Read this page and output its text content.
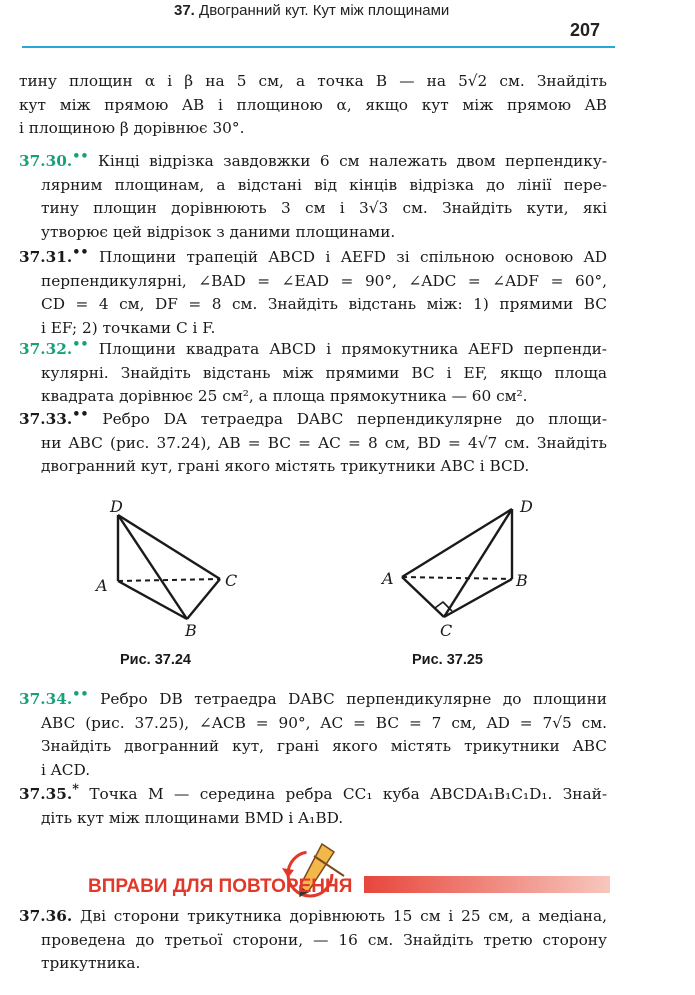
37. Двогранний кут. Кут між площинами
207
тину площин α і β на 5 см, а точка B — на 5√2 см. Знайдіть
кут між прямою AB і площиною α, якщо кут між прямою AB
і площиною β дорівнює 30°.
37.30.•• Кінці відрізка завдовжки 6 см належать двом перпендику-
лярним площинам, а відстані від кінців відрізка до лінії пере-
тину площин дорівнюють 3 см і 3√3 см. Знайдіть кути, які
утворює цей відрізок з даними площинами.
37.31.•• Площини трапецій ABCD і AEFD зі спільною основою AD
перпендикулярні, ∠BAD = ∠EAD = 90°, ∠ADC = ∠ADF = 60°,
CD = 4 см, DF = 8 см. Знайдіть відстань між: 1) прямими BC
і EF; 2) точками C і F.
37.32.•• Площини квадрата ABCD і прямокутника AEFD перпенди-
кулярні. Знайдіть відстань між прямими BC і EF, якщо площа
квадрата дорівнює 25 см², а площа прямокутника — 60 см².
37.33.•• Ребро DA тетраедра DABC перпендикулярне до площи-
ни ABC (рис. 37.24), AB = BC = AC = 8 см, BD = 4√7 см. Знайдіть
двогранний кут, грані якого містять трикутники ABC і BCD.
D
A	C
B
Рис. 37.24
D
A	B
C
Рис. 37.25
37.34.•• Ребро DB тетраедра DABC перпендикулярне до площини
ABC (рис. 37.25), ∠ACB = 90°, AC = BC = 7 см, AD = 7√5 см.
Знайдіть двогранний кут, грані якого містять трикутники ABC
і ACD.
37.35.* Точка M — середина ребра CC₁ куба ABCDA₁B₁C₁D₁. Знай-
діть кут між площинами BMD і A₁BD.
ВПРАВИ ДЛЯ ПОВТОРЕННЯ
37.36. Дві сторони трикутника дорівнюють 15 см і 25 см, а медіана,
проведена до третьої сторони, — 16 см. Знайдіть третю сторону
трикутника.
